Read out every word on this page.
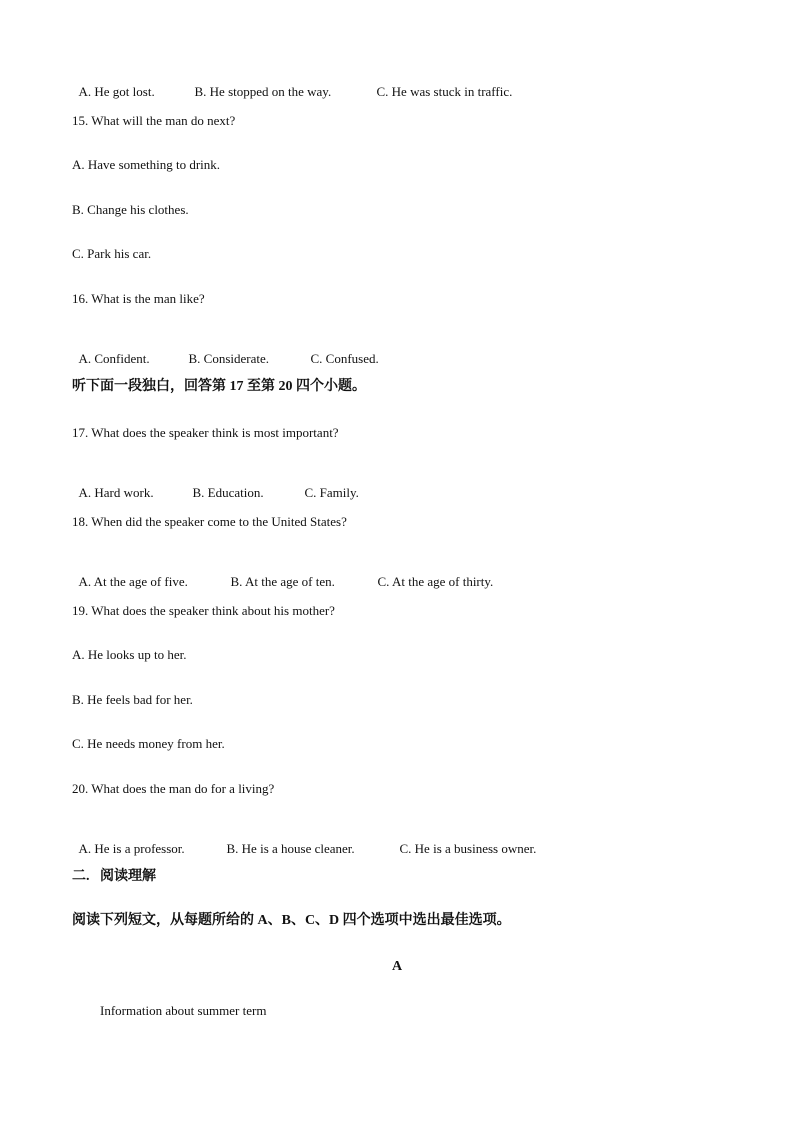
A. He got lost.	B. He stopped on the way.	C. He was stuck in traffic.

15. What will the man do next?
A. Have something to drink.
B. Change his clothes.
C. Park his car.
16. What is the man like?

A. Confident.	B. Considerate.	C. Confused.

听下面一段独白，回答第 17 至第 20 四个小题。
17. What does the speaker think is most important?

A. Hard work.	B. Education.	C. Family.

18. When did the speaker come to the United States?

A. At the age of five.	B. At the age of ten.	C. At the age of thirty.

19. What does the speaker think about his mother?
A. He looks up to her.
B. He feels bad for her.
C. He needs money from her.
20. What does the man do for a living?

A. He is a professor.	B. He is a house cleaner.	C. He is a business owner.

二.   阅读理解
阅读下列短文，从每题所给的 A、B、C、D 四个选项中选出最佳选项。
A
Information about summer term
